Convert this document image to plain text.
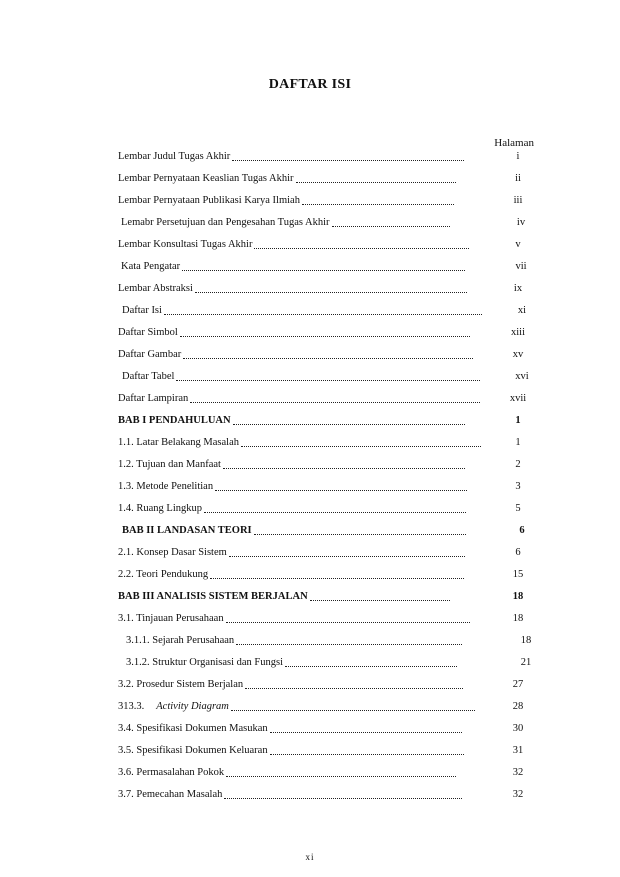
DAFTAR ISI
Halaman
Lembar Judul Tugas Akhir	i
Lembar Pernyataan Keaslian Tugas Akhir	ii
Lembar Pernyataan Publikasi Karya Ilmiah	iii
Lemabr Persetujuan dan Pengesahan Tugas Akhir	iv
Lembar Konsultasi Tugas Akhir	v
Kata Pengatar	vii
Lembar Abstraksi	ix
Daftar Isi	xi
Daftar Simbol	xiii
Daftar Gambar	xv
Daftar Tabel	xvi
Daftar Lampiran	xvii
BAB I PENDAHULUAN	1
1.1. Latar Belakang Masalah	1
1.2. Tujuan dan Manfaat	2
1.3. Metode Penelitian	3
1.4. Ruang Lingkup	5
BAB II LANDASAN TEORI	6
2.1. Konsep Dasar Sistem	6
2.2. Teori Pendukung	15
BAB III ANALISIS SISTEM BERJALAN	18
3.1. Tinjauan Perusahaan	18
3.1.1. Sejarah Perusahaan	18
3.1.2. Struktur Organisasi dan Fungsi	21
3.2. Prosedur Sistem Berjalan	27
313.3. Activity Diagram	28
3.4. Spesifikasi Dokumen Masukan	30
3.5. Spesifikasi Dokumen Keluaran	31
3.6. Permasalahan Pokok	32
3.7. Pemecahan Masalah	32
xi
